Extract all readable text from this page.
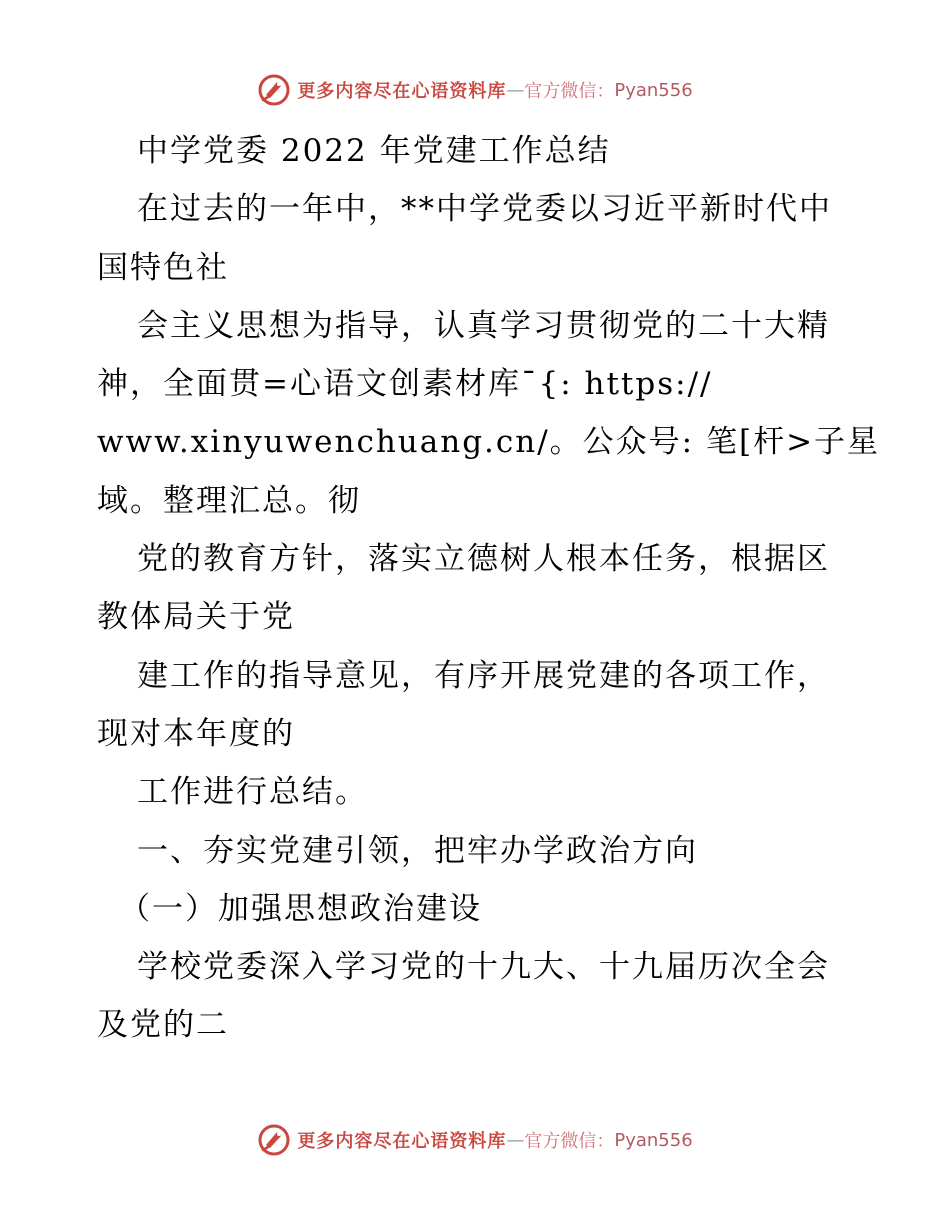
更多内容尽在心语资料库 — 官方微信： Pyan556
中学党委 2022 年党建工作总结
在过去的一年中，**中学党委以习近平新时代中
国特色社
会主义思想为指导，认真学习贯彻党的二十大精
神，全面贯=心语文创素材库¯{: https://
www.xinyuwenchuang.cn/。公众号: 笔[杆>子星
域。整理汇总。彻
党的教育方针，落实立德树人根本任务，根据区
教体局关于党
建工作的指导意见，有序开展党建的各项工作，
现对本年度的
工作进行总结。
一、夯实党建引领，把牢办学政治方向
（一）加强思想政治建设
学校党委深入学习党的十九大、十九届历次全会
及党的二
更多内容尽在心语资料库 — 官方微信： Pyan556
